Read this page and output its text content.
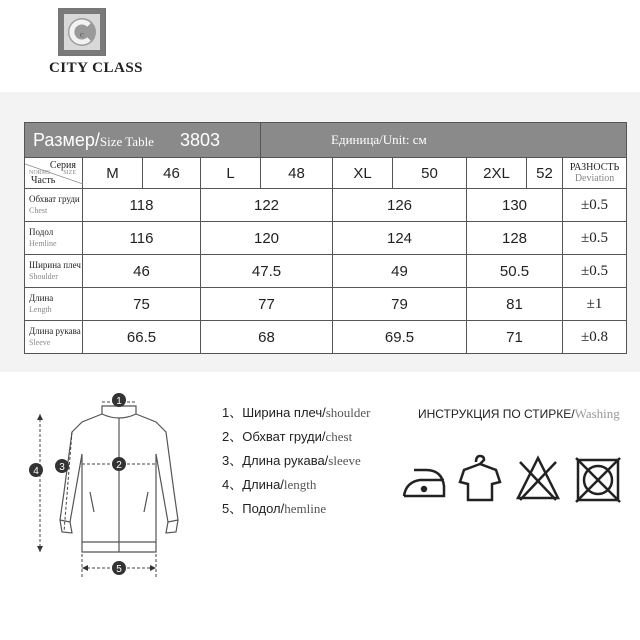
C
CITY CLASS
Размер/Size Table 3803				Единица/Unit: см					

Серия
NORMS SIZE
Часть	M	46	L	48	XL	50	2XL	52	РАЗНОСТЬ
Deviation

Обхват груди
Chest	118		122		126		130		±0.5

Подол
Hemline	116		120		124		128		±0.5

Ширина плеч
Shoulder	46		47.5		49		50.5		±0.5

Длина
Length	75		77		79		81		±1

Длина рукава
Sleeve	66.5		68		69.5		71		±0.8
1
2
3
4
5
1、Ширина плеч/shoulder
2、Обхват груди/chest
3、Длина рукава/sleeve
4、Длина/length
5、Подол/hemline
ИНСТРУКЦИЯ ПО СТИРКЕ/Washing
